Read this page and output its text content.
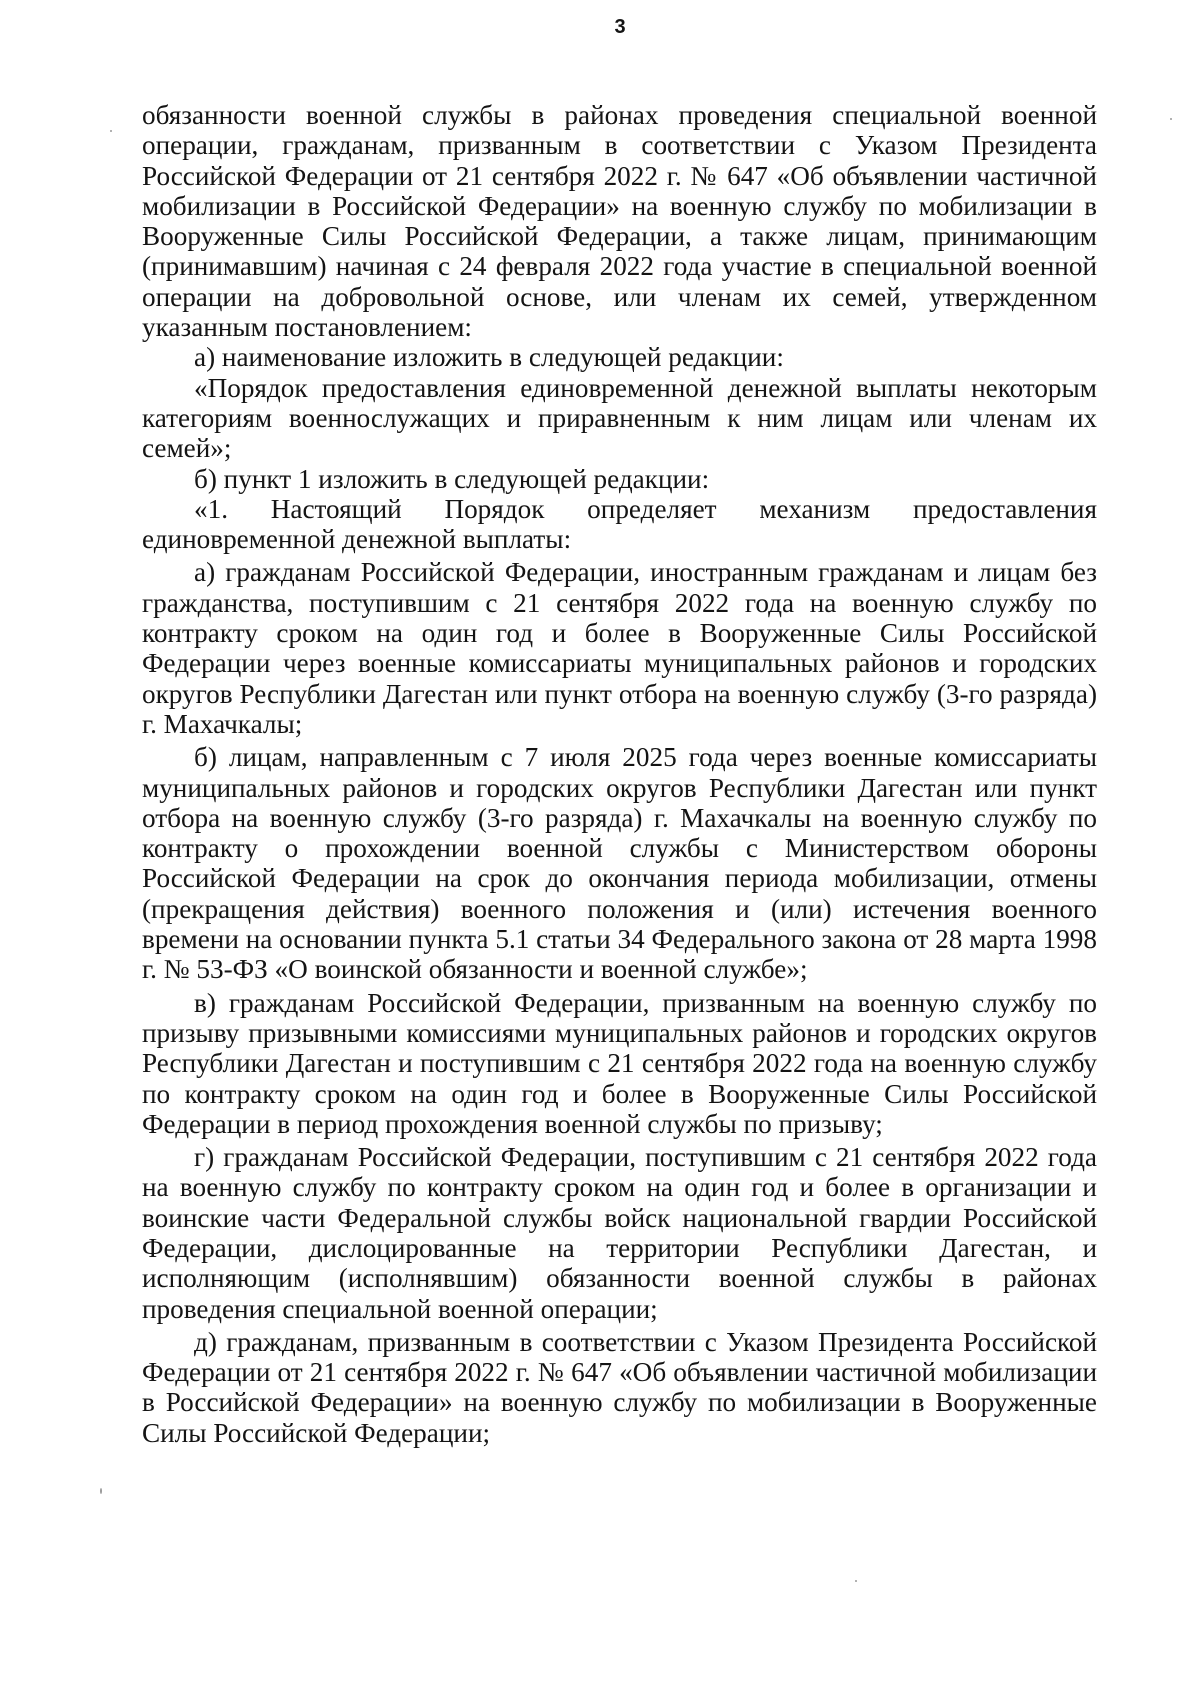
3

обязанности военной службы в районах проведения специальной военной операции, гражданам, призванным в соответствии с Указом Президента Российской Федерации от 21 сентября 2022 г. № 647 «Об объявлении частичной мобилизации в Российской Федерации» на военную службу по мобилизации в Вооруженные Силы Российской Федерации, а также лицам, принимающим (принимавшим) начиная с 24 февраля 2022 года участие в специальной военной операции на добровольной основе, или членам их семей, утвержденном указанным постановлением:

а) наименование изложить в следующей редакции:

«Порядок предоставления единовременной денежной выплаты некоторым категориям военнослужащих и приравненным к ним лицам или членам их семей»;

б) пункт 1 изложить в следующей редакции:

«1. Настоящий Порядок определяет механизм предоставления единовременной денежной выплаты:

а) гражданам Российской Федерации, иностранным гражданам и лицам без гражданства, поступившим с 21 сентября 2022 года на военную службу по контракту сроком на один год и более в Вооруженные Силы Российской Федерации через военные комиссариаты муниципальных районов и городских округов Республики Дагестан или пункт отбора на военную службу (3-го разряда) г. Махачкалы;

б) лицам, направленным с 7 июля 2025 года через военные комиссариаты муниципальных районов и городских округов Республики Дагестан или пункт отбора на военную службу (3-го разряда) г. Махачкалы на военную службу по контракту о прохождении военной службы с Министерством обороны Российской Федерации на срок до окончания периода мобилизации, отмены (прекращения действия) военного положения и (или) истечения военного времени на основании пункта 5.1 статьи 34 Федерального закона от 28 марта 1998 г. № 53-ФЗ «О воинской обязанности и военной службе»;

в) гражданам Российской Федерации, призванным на военную службу по призыву призывными комиссиями муниципальных районов и городских округов Республики Дагестан и поступившим с 21 сентября 2022 года на военную службу по контракту сроком на один год и более в Вооруженные Силы Российской Федерации в период прохождения военной службы по призыву;

г) гражданам Российской Федерации, поступившим с 21 сентября 2022 года на военную службу по контракту сроком на один год и более в организации и воинские части Федеральной службы войск национальной гвардии Российской Федерации, дислоцированные на территории Республики Дагестан, и исполняющим (исполнявшим) обязанности военной службы в районах проведения специальной военной операции;

д) гражданам, призванным в соответствии с Указом Президента Российской Федерации от 21 сентября 2022 г. № 647 «Об объявлении частичной мобилизации в Российской Федерации» на военную службу по мобилизации в Вооруженные Силы Российской Федерации;
